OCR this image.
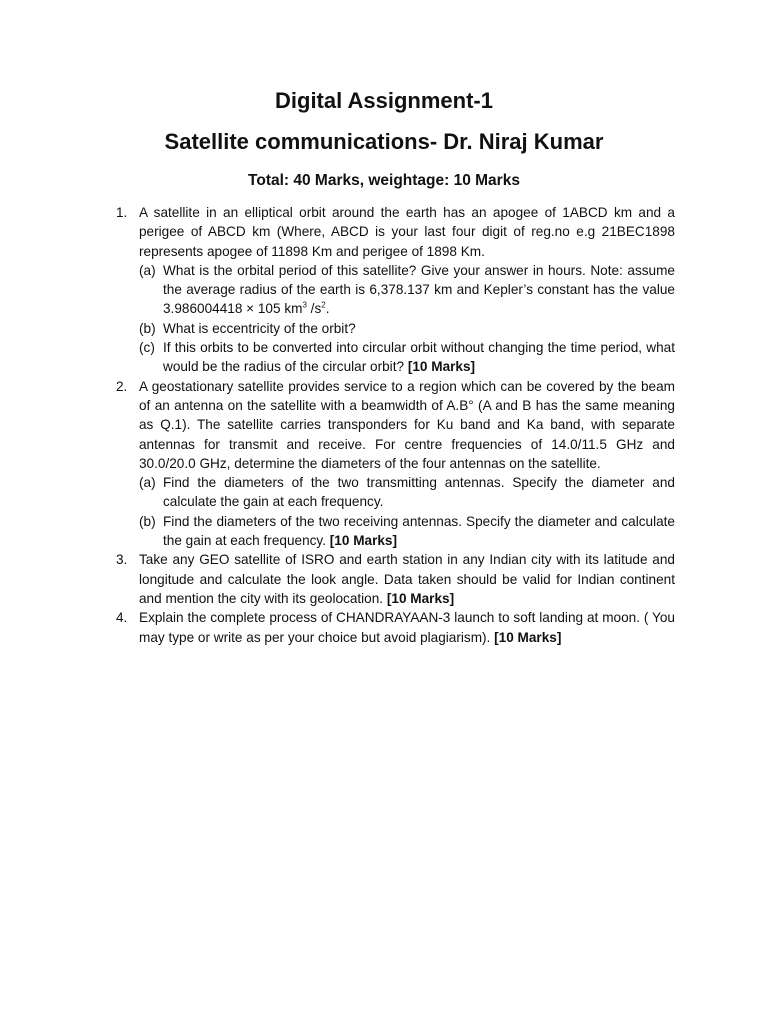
Digital Assignment-1
Satellite communications- Dr. Niraj Kumar

Total: 40 Marks, weightage: 10 Marks

1. A satellite in an elliptical orbit around the earth has an apogee of 1ABCD km and a perigee of ABCD km (Where, ABCD is your last four digit of reg.no e.g 21BEC1898 represents apogee of 11898 Km and perigee of 1898 Km.
(a) What is the orbital period of this satellite? Give your answer in hours. Note: assume the average radius of the earth is 6,378.137 km and Kepler’s constant has the value 3.986004418 × 105 $km^3$ $/s^2$.
(b) What is eccentricity of the orbit?
(c) If this orbits to be converted into circular orbit without changing the time period, what would be the radius of the circular orbit? [10 Marks]
2. A geostationary satellite provides service to a region which can be covered by the beam of an antenna on the satellite with a beamwidth of A.B° (A and B has the same meaning as Q.1). The satellite carries transponders for Ku band and Ka band, with separate antennas for transmit and receive. For centre frequencies of 14.0/11.5 GHz and 30.0/20.0 GHz, determine the diameters of the four antennas on the satellite.
(a) Find the diameters of the two transmitting antennas. Specify the diameter and calculate the gain at each frequency.
(b) Find the diameters of the two receiving antennas. Specify the diameter and calculate the gain at each frequency. [10 Marks]
3. Take any GEO satellite of ISRO and earth station in any Indian city with its latitude and longitude and calculate the look angle. Data taken should be valid for Indian continent and mention the city with its geolocation. [10 Marks]
4. Explain the complete process of CHANDRAYAAN-3 launch to soft landing at moon. ( You may type or write as per your choice but avoid plagiarism). [10 Marks]
